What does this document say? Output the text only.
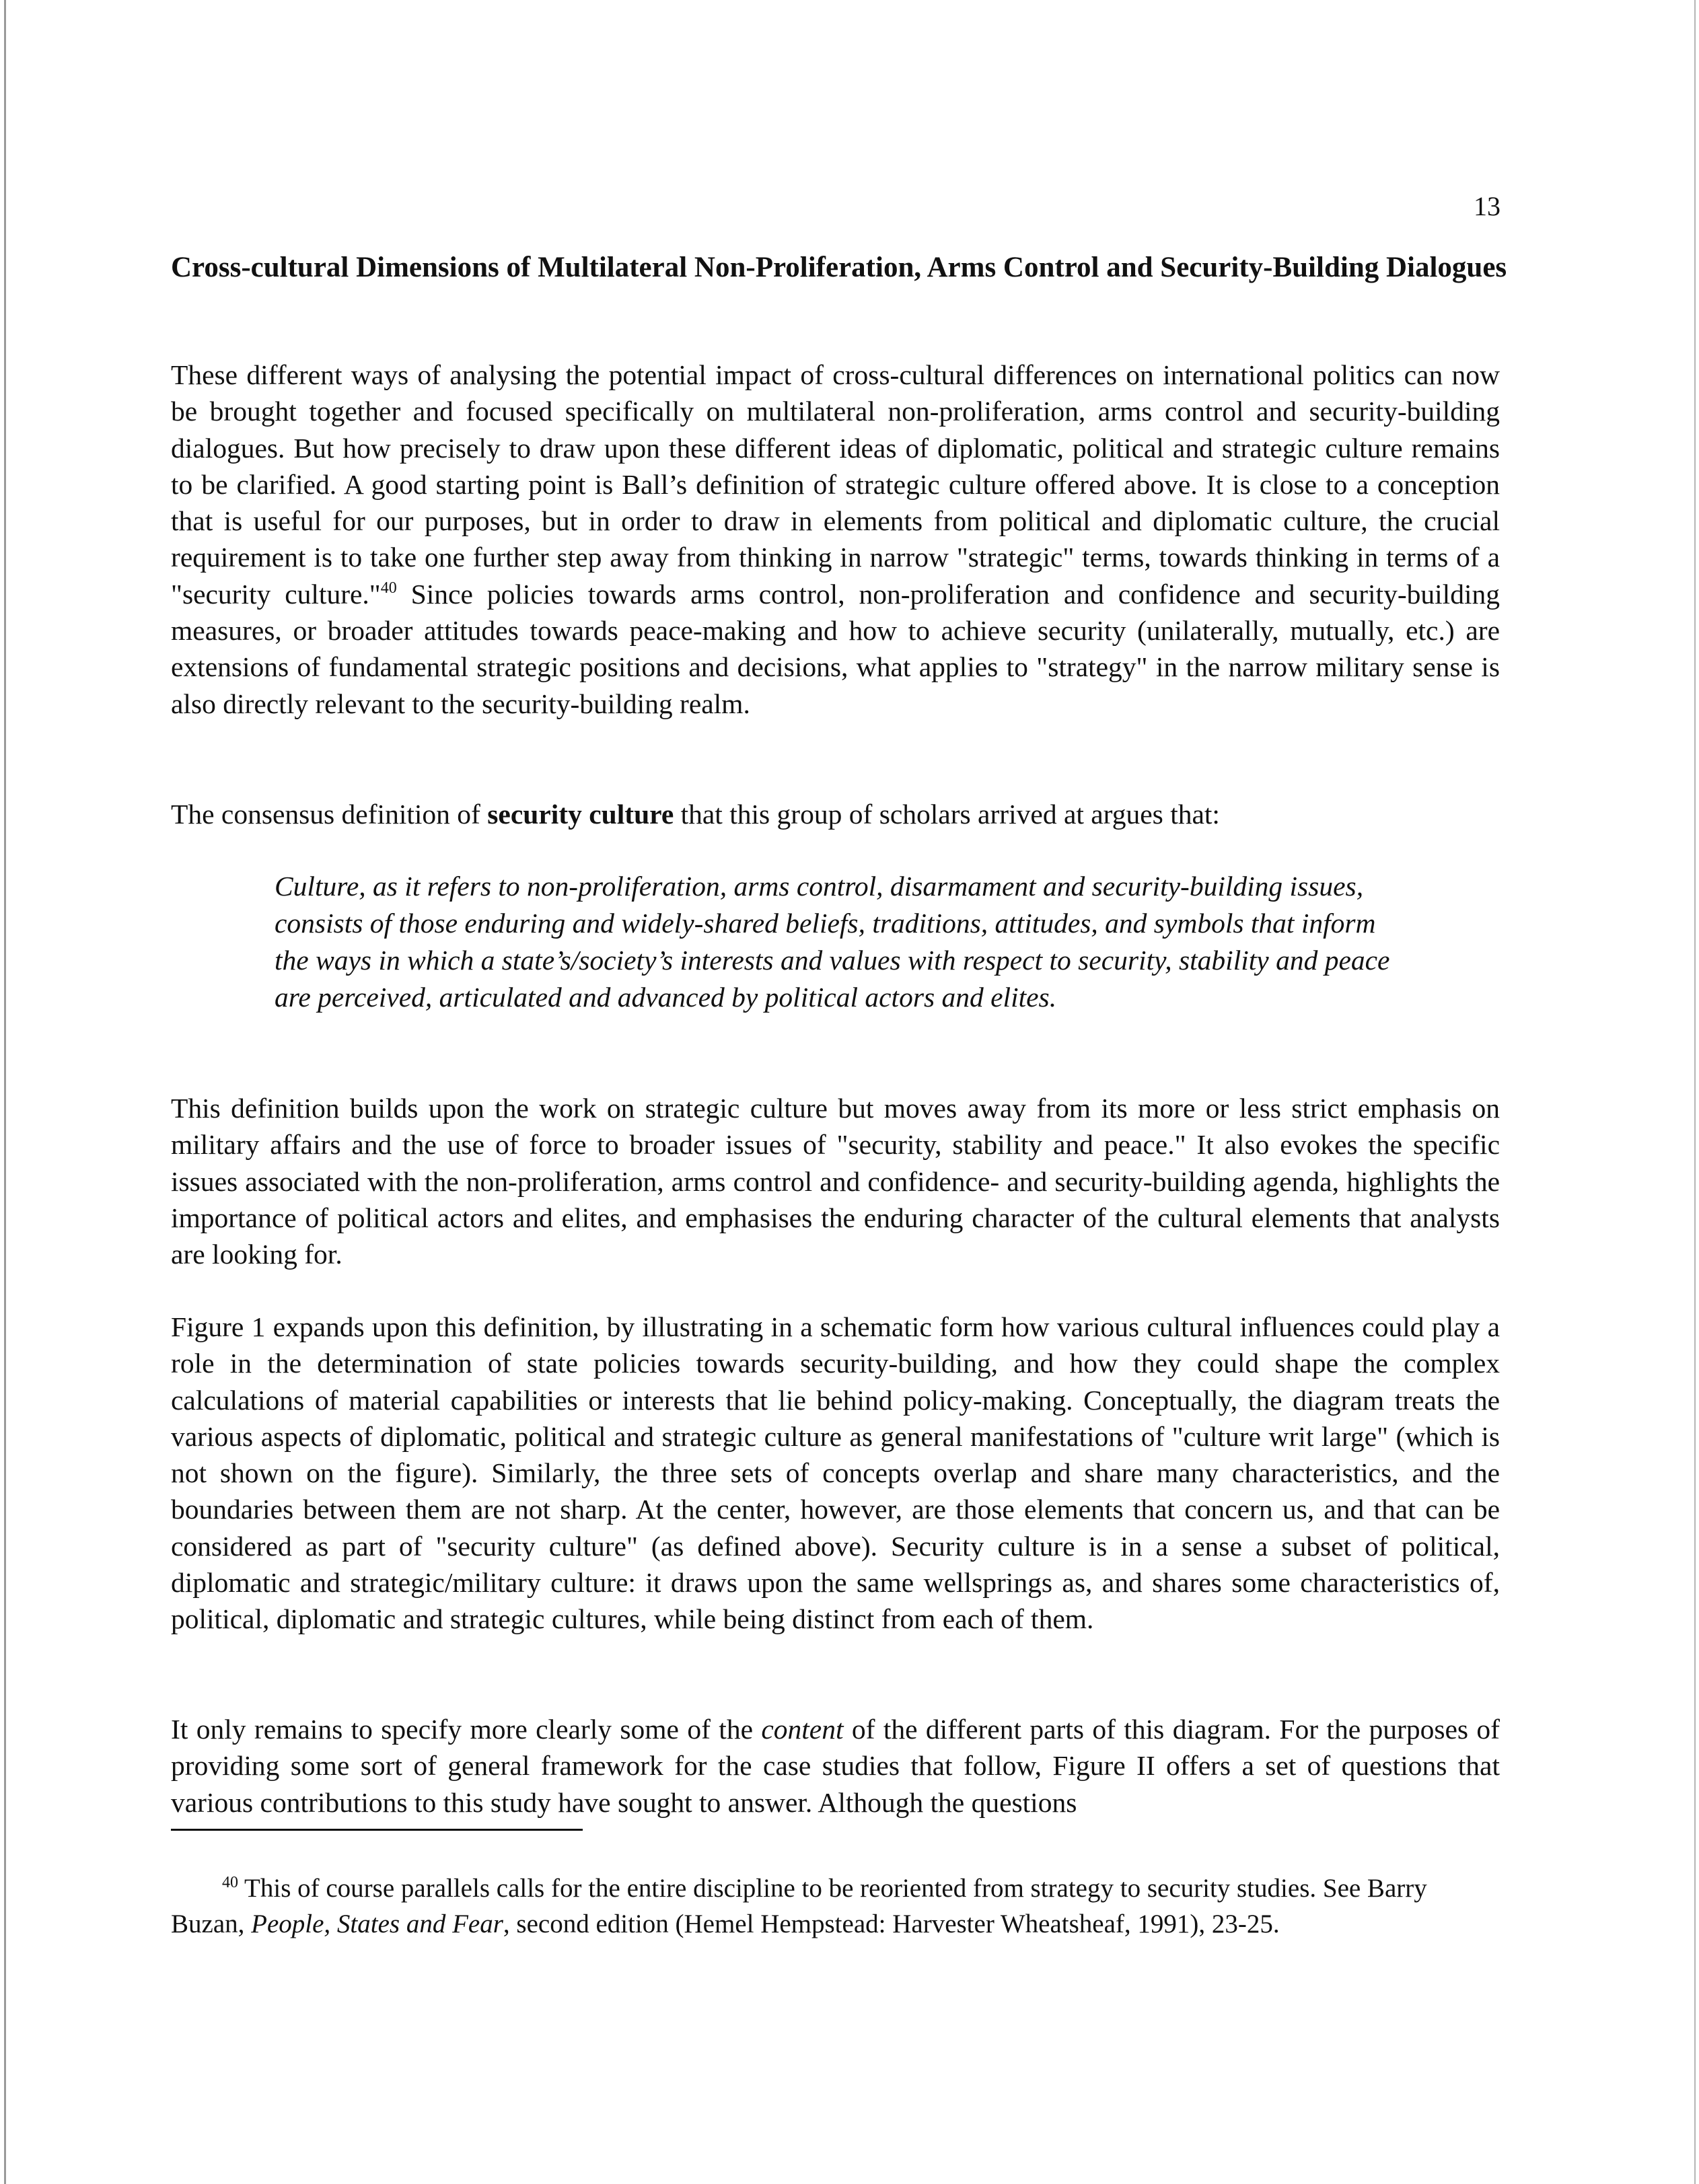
13
Cross-cultural Dimensions of Multilateral Non-Proliferation, Arms Control and Security-Building Dialogues

These different ways of analysing the potential impact of cross-cultural differences on international politics can now be brought together and focused specifically on multilateral non-proliferation, arms control and security-building dialogues. But how precisely to draw upon these different ideas of diplomatic, political and strategic culture remains to be clarified. A good starting point is Ball’s definition of strategic culture offered above. It is close to a conception that is useful for our purposes, but in order to draw in elements from political and diplomatic culture, the crucial requirement is to take one further step away from thinking in narrow "strategic" terms, towards thinking in terms of a "security culture."$^{40}$ Since policies towards arms control, non-proliferation and confidence and security-building measures, or broader attitudes towards peace-making and how to achieve security (unilaterally, mutually, etc.) are extensions of fundamental strategic positions and decisions, what applies to "strategy" in the narrow military sense is also directly relevant to the security-building realm.

The consensus definition of security culture that this group of scholars arrived at argues that:

Culture, as it refers to non-proliferation, arms control, disarmament and security-building issues, consists of those enduring and widely-shared beliefs, traditions, attitudes, and symbols that inform the ways in which a state’s/society’s interests and values with respect to security, stability and peace are perceived, articulated and advanced by political actors and elites.

This definition builds upon the work on strategic culture but moves away from its more or less strict emphasis on military affairs and the use of force to broader issues of "security, stability and peace." It also evokes the specific issues associated with the non-proliferation, arms control and confidence- and security-building agenda, highlights the importance of political actors and elites, and emphasises the enduring character of the cultural elements that analysts are looking for.

Figure 1 expands upon this definition, by illustrating in a schematic form how various cultural influences could play a role in the determination of state policies towards security-building, and how they could shape the complex calculations of material capabilities or interests that lie behind policy-making. Conceptually, the diagram treats the various aspects of diplomatic, political and strategic culture as general manifestations of "culture writ large" (which is not shown on the figure). Similarly, the three sets of concepts overlap and share many characteristics, and the boundaries between them are not sharp. At the center, however, are those elements that concern us, and that can be considered as part of "security culture" (as defined above). Security culture is in a sense a subset of political, diplomatic and strategic/military culture: it draws upon the same wellsprings as, and shares some characteristics of, political, diplomatic and strategic cultures, while being distinct from each of them.

It only remains to specify more clearly some of the content of the different parts of this diagram. For the purposes of providing some sort of general framework for the case studies that follow, Figure II offers a set of questions that various contributions to this study have sought to answer. Although the questions

$^{40}$ This of course parallels calls for the entire discipline to be reoriented from strategy to security studies. See Barry Buzan, People, States and Fear, second edition (Hemel Hempstead: Harvester Wheatsheaf, 1991), 23-25.
